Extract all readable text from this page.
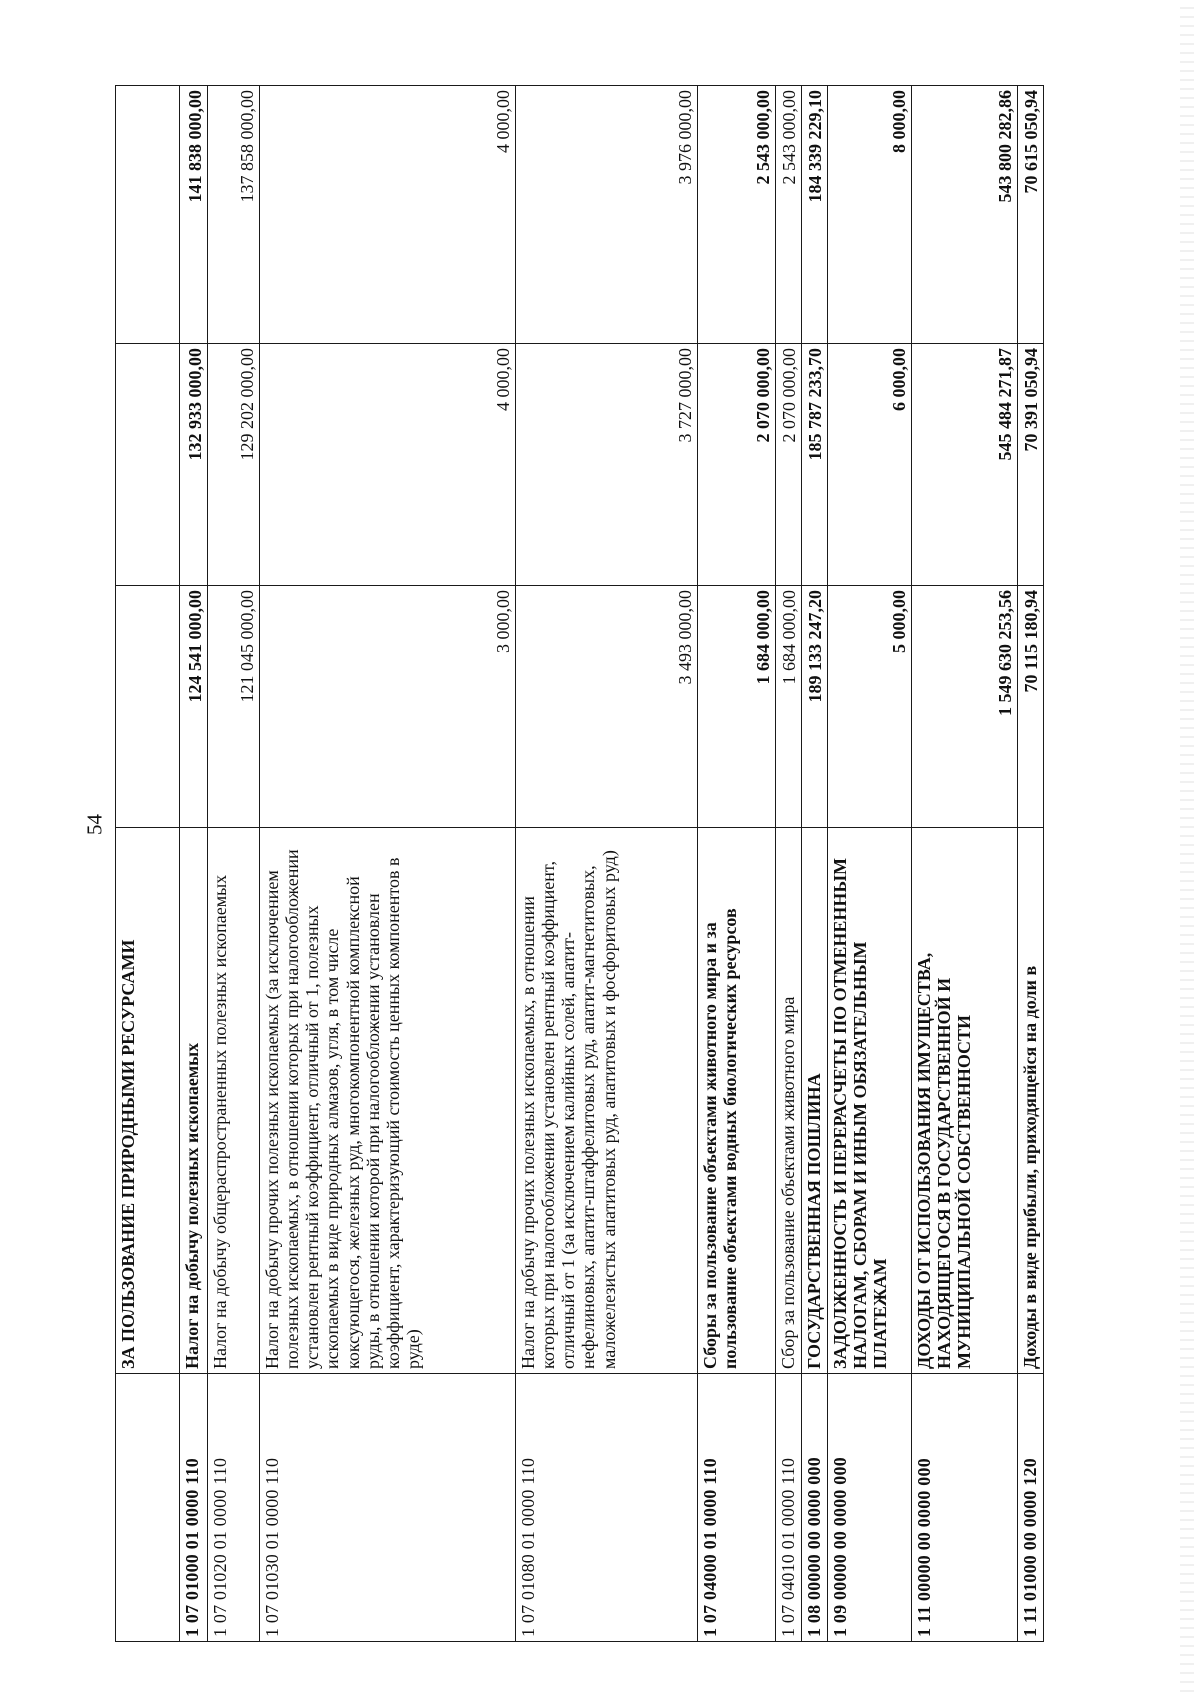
54
	ЗА ПОЛЬЗОВАНИЕ ПРИРОДНЫМИ РЕСУРСАМИ			
1 07 01000 01 0000 110	Налог на добычу полезных ископаемых	124 541 000,00	132 933 000,00	141 838 000,00
1 07 01020 01 0000 110	Налог на добычу общераспространенных полезных ископаемых	121 045 000,00	129 202 000,00	137 858 000,00
1 07 01030 01 0000 110	Налог на добычу прочих полезных ископаемых (за исключением полезных ископаемых, в отношении которых при налогообложении установлен рентный коэффициент, отличный от 1, полезных ископаемых в виде природных алмазов, угля, в том числе коксующегося, железных руд, многокомпонентной комплексной руды, в отношении которой при налогообложении установлен коэффициент, характеризующий стоимость ценных компонентов в руде)	3 000,00	4 000,00	4 000,00
1 07 01080 01 0000 110	Налог на добычу прочих полезных ископаемых, в отношении которых при налогообложении установлен рентный коэффициент, отличный от 1 (за исключением калийных солей, апатит-нефелиновых, апатит-штаффелитовых руд, апатит-магнетитовых, маложелезистых апатитовых руд, апатитовых и фосфоритовых руд)	3 493 000,00	3 727 000,00	3 976 000,00
1 07 04000 01 0000 110	Сборы за пользование объектами животного мира и за пользование объектами водных биологических ресурсов	1 684 000,00	2 070 000,00	2 543 000,00
1 07 04010 01 0000 110	Сбор за пользование объектами животного мира	1 684 000,00	2 070 000,00	2 543 000,00
1 08 00000 00 0000 000	ГОСУДАРСТВЕННАЯ ПОШЛИНА	189 133 247,20	185 787 233,70	184 339 229,10
1 09 00000 00 0000 000	ЗАДОЛЖЕННОСТЬ И ПЕРЕРАСЧЕТЫ ПО ОТМЕНЕННЫМ НАЛОГАМ, СБОРАМ И ИНЫМ ОБЯЗАТЕЛЬНЫМ ПЛАТЕЖАМ	5 000,00	6 000,00	8 000,00
1 11 00000 00 0000 000	ДОХОДЫ ОТ ИСПОЛЬЗОВАНИЯ ИМУЩЕСТВА, НАХОДЯЩЕГОСЯ В ГОСУДАРСТВЕННОЙ И МУНИЦИПАЛЬНОЙ СОБСТВЕННОСТИ	1 549 630 253,56	545 484 271,87	543 800 282,86
1 11 01000 00 0000 120	Доходы в виде прибыли, приходящейся на доли в	70 115 180,94	70 391 050,94	70 615 050,94
